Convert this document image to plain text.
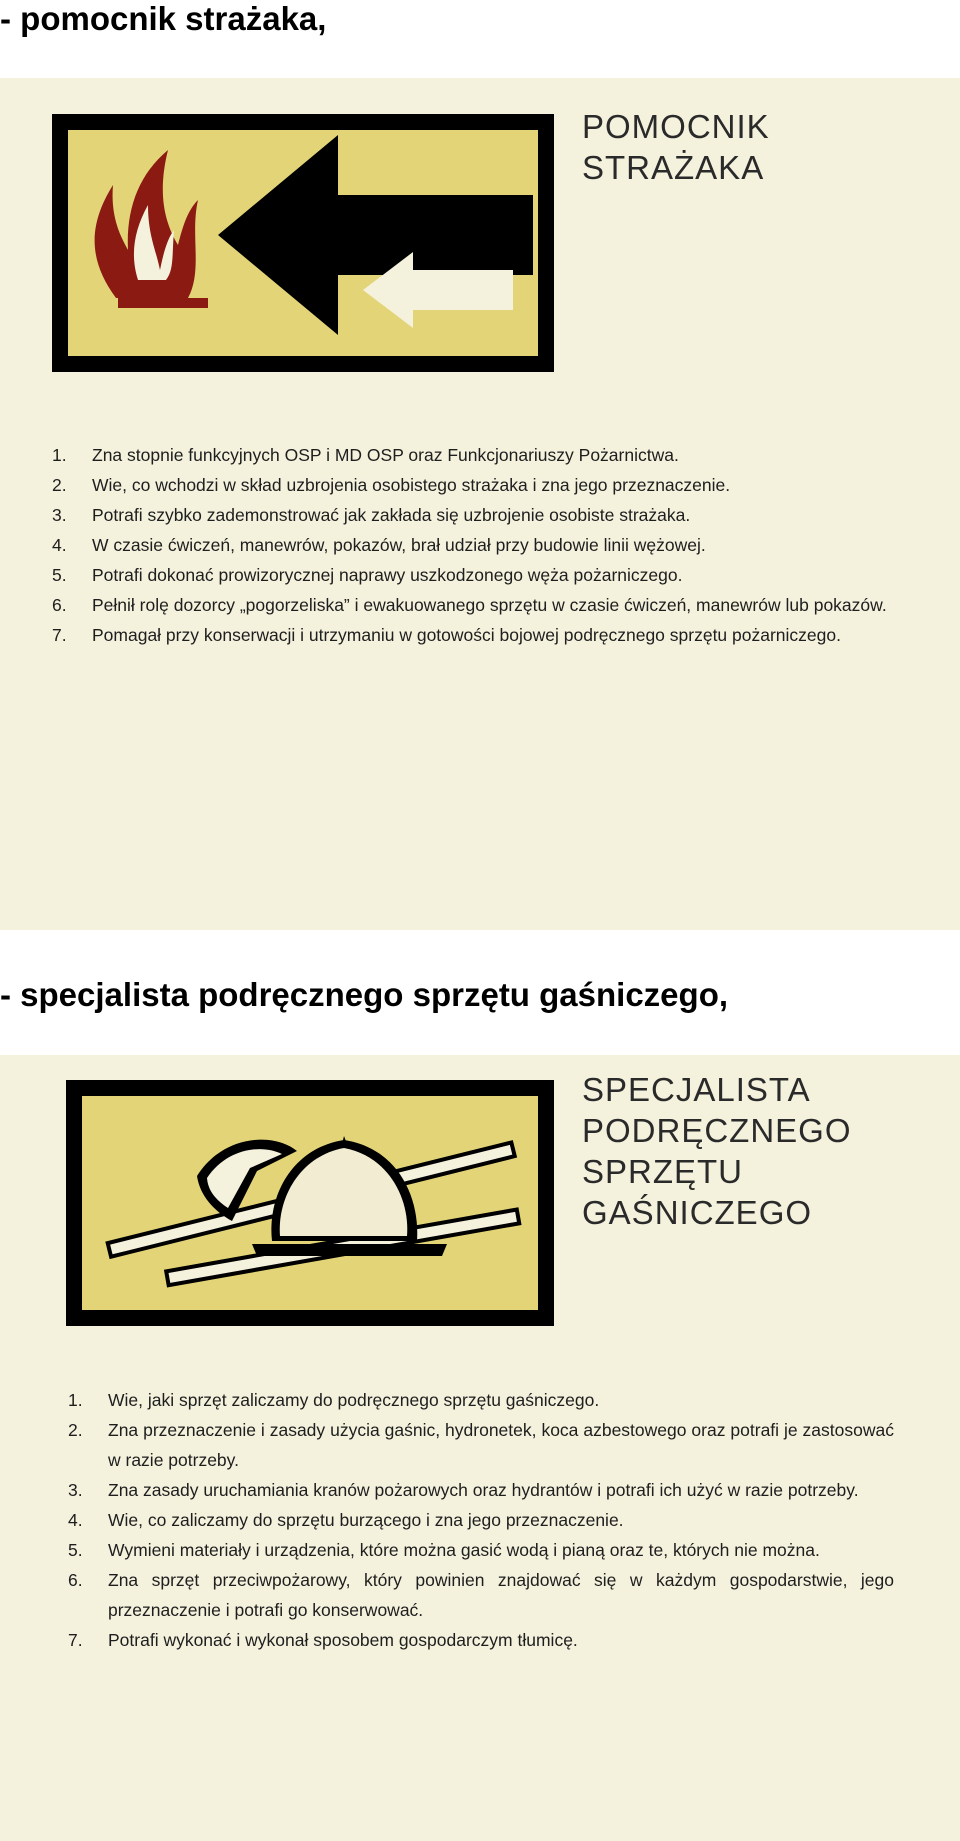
- pomocnik strażaka,
POMOCNIK
STRAŻAKA
1.	Zna stopnie funkcyjnych OSP i MD OSP oraz Funkcjonariuszy Pożarnictwa.
2.	Wie, co wchodzi w skład uzbrojenia osobistego strażaka i zna jego przeznaczenie.
3.	Potrafi szybko zademonstrować jak zakłada się uzbrojenie osobiste strażaka.
4.	W czasie ćwiczeń, manewrów, pokazów, brał udział przy budowie linii wężowej.
5.	Potrafi dokonać prowizorycznej naprawy uszkodzonego węża pożarniczego.
6.	Pełnił rolę dozorcy „pogorzeliska” i ewakuowanego sprzętu w czasie ćwiczeń, manewrów lub pokazów.
7.	Pomagał przy konserwacji i utrzymaniu w gotowości bojowej podręcznego sprzętu pożarniczego.
- specjalista podręcznego sprzętu gaśniczego,
SPECJALISTA
PODRĘCZNEGO
SPRZĘTU
GAŚNICZEGO
1.	Wie, jaki sprzęt zaliczamy do podręcznego sprzętu gaśniczego.
2.	Zna przeznaczenie i zasady użycia gaśnic, hydronetek, koca azbestowego oraz potrafi je zastosować w razie potrzeby.
3.	Zna zasady uruchamiania kranów pożarowych oraz hydrantów i potrafi ich użyć w razie potrzeby.
4.	Wie, co zaliczamy do sprzętu burzącego i zna jego przeznaczenie.
5.	Wymieni materiały i urządzenia, które można gasić wodą i pianą oraz te, których nie można.
6.	Zna sprzęt przeciwpożarowy, który powinien znajdować się w każdym gospodarstwie, jego przeznaczenie i potrafi go konserwować.
7.	Potrafi wykonać i wykonał sposobem gospodarczym tłumicę.
